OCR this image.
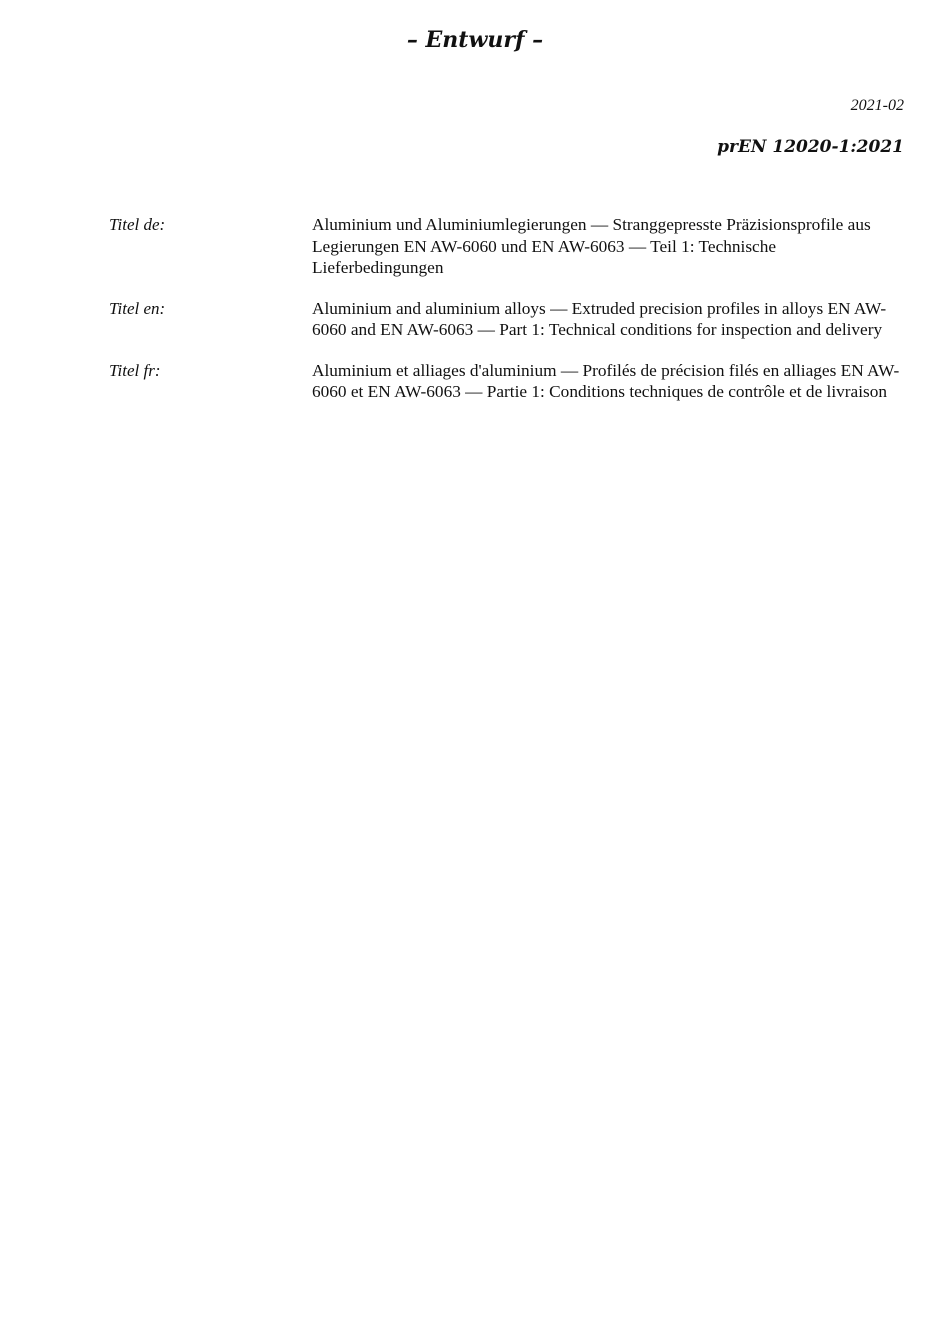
– Entwurf –
2021-02
prEN 12020-1:2021
Titel de:	Aluminium und Aluminiumlegierungen — Stranggepresste Präzisionsprofile aus Legierungen EN AW-6060 und EN AW-6063 — Teil 1: Technische Lieferbedingungen
Titel en:	Aluminium and aluminium alloys — Extruded precision profiles in alloys EN AW-6060 and EN AW-6063 — Part 1: Technical conditions for inspection and delivery
Titel fr:	Aluminium et alliages d'aluminium — Profilés de précision filés en alliages EN AW-6060 et EN AW-6063 — Partie 1: Conditions techniques de contrôle et de livraison
